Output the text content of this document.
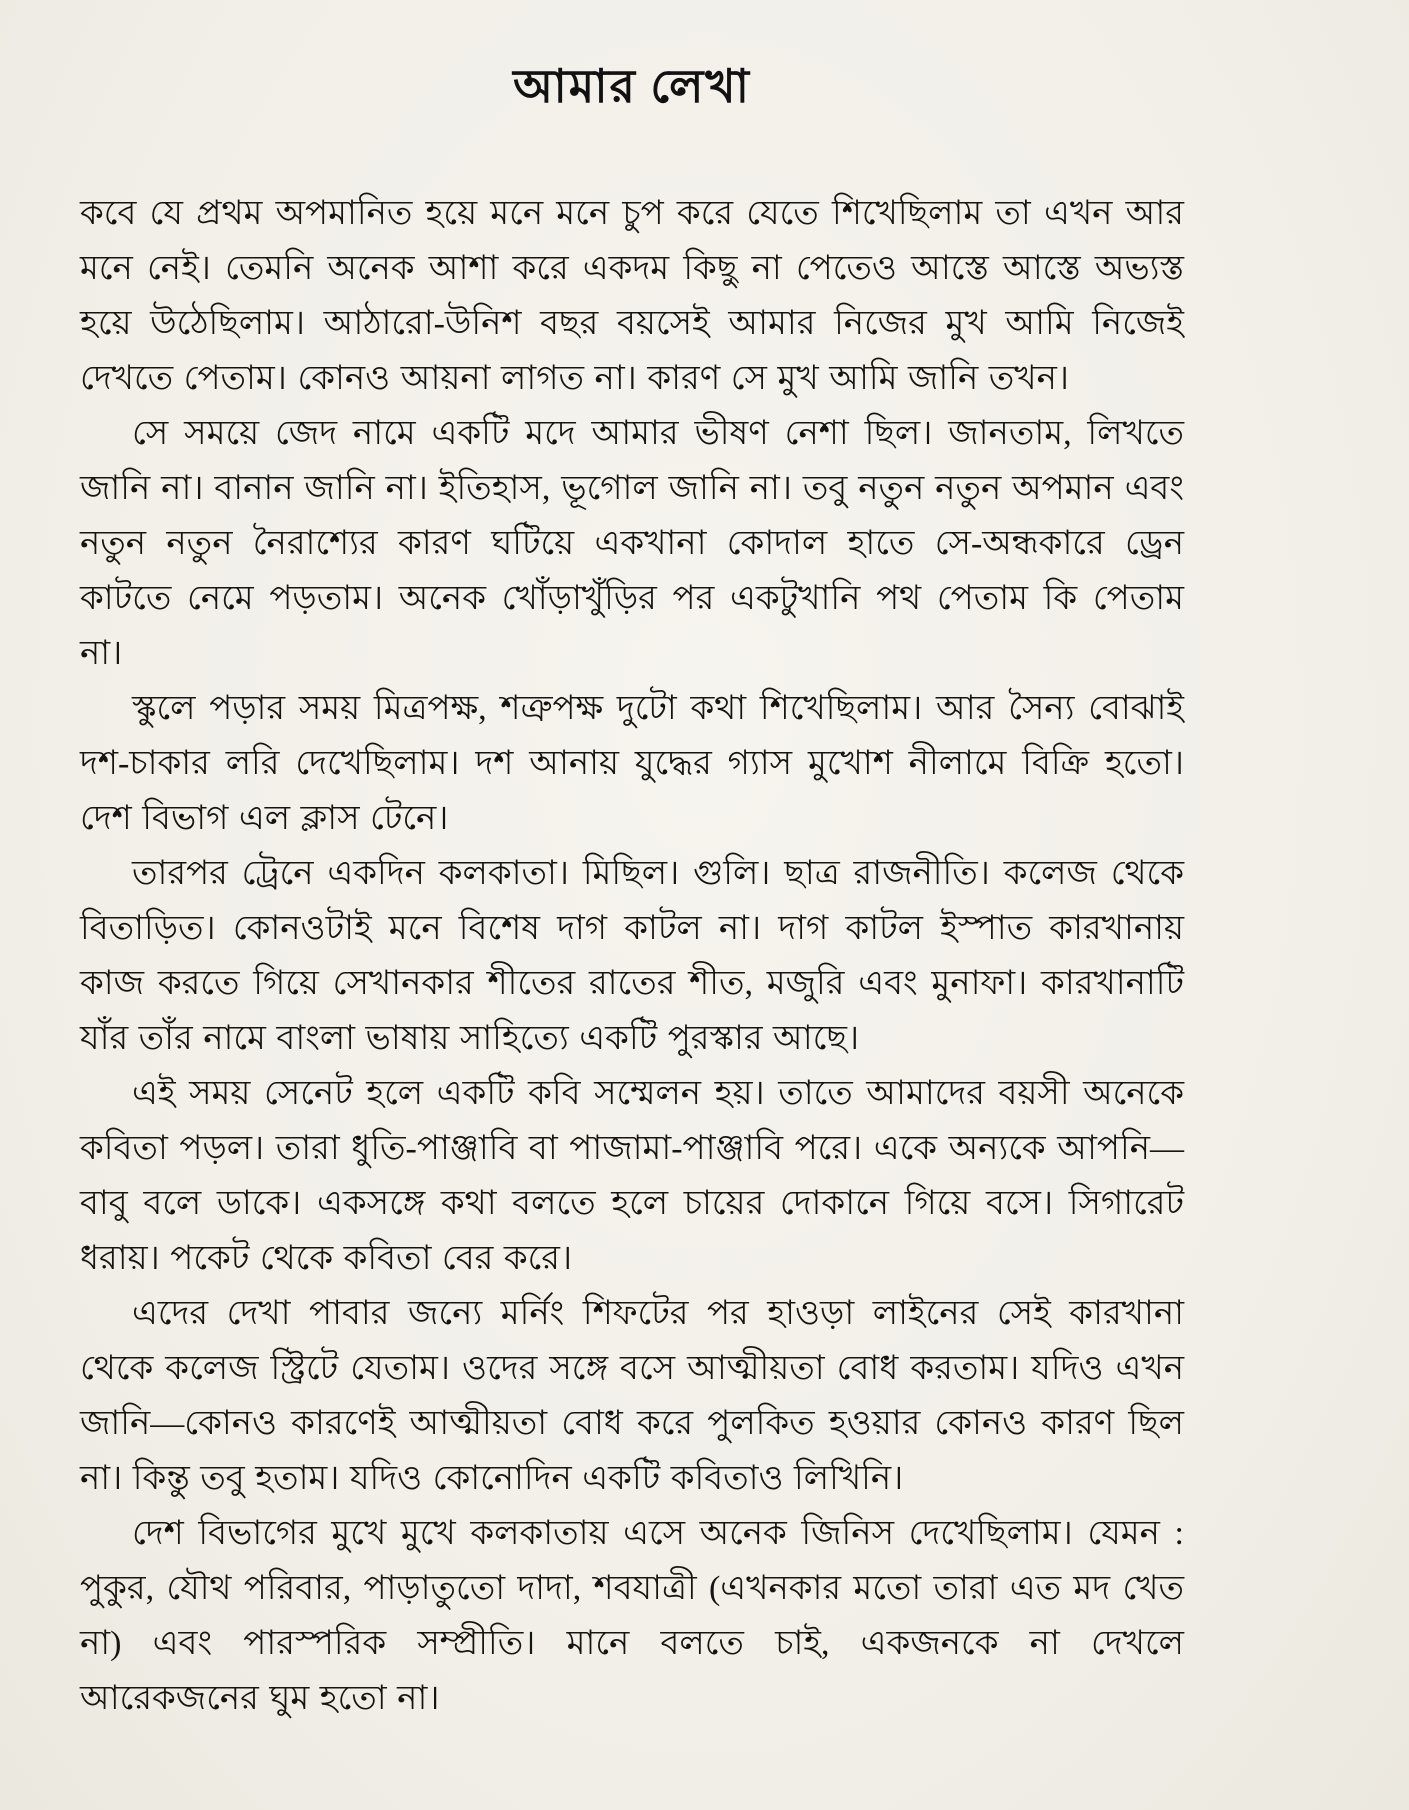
আমার লেখা

কবে যে প্রথম অপমানিত হয়ে মনে মনে চুপ করে যেতে শিখেছিলাম তা এখন আর মনে নেই। তেমনি অনেক আশা করে একদম কিছু না পেতেও আস্তে আস্তে অভ্যস্ত হয়ে উঠেছিলাম। আঠারো-উনিশ বছর বয়সেই আমার নিজের মুখ আমি নিজেই দেখতে পেতাম। কোনও আয়না লাগত না। কারণ সে মুখ আমি জানি তখন।

সে সময়ে জেদ নামে একটি মদে আমার ভীষণ নেশা ছিল। জানতাম, লিখতে জানি না। বানান জানি না। ইতিহাস, ভূগোল জানি না। তবু নতুন নতুন অপমান এবং নতুন নতুন নৈরাশ্যের কারণ ঘটিয়ে একখানা কোদাল হাতে সে-অন্ধকারে ড্রেন কাটতে নেমে পড়তাম। অনেক খোঁড়াখুঁড়ির পর একটুখানি পথ পেতাম কি পেতাম না।

স্কুলে পড়ার সময় মিত্রপক্ষ, শত্রুপক্ষ দুটো কথা শিখেছিলাম। আর সৈন্য বোঝাই দশ-চাকার লরি দেখেছিলাম। দশ আনায় যুদ্ধের গ্যাস মুখোশ নীলামে বিক্রি হতো। দেশ বিভাগ এল ক্লাস টেনে।

তারপর ট্রেনে একদিন কলকাতা। মিছিল। গুলি। ছাত্র রাজনীতি। কলেজ থেকে বিতাড়িত। কোনওটাই মনে বিশেষ দাগ কাটল না। দাগ কাটল ইস্পাত কারখানায় কাজ করতে গিয়ে সেখানকার শীতের রাতের শীত, মজুরি এবং মুনাফা। কারখানাটি যাঁর তাঁর নামে বাংলা ভাষায় সাহিত্যে একটি পুরস্কার আছে।

এই সময় সেনেট হলে একটি কবি সম্মেলন হয়। তাতে আমাদের বয়সী অনেকে কবিতা পড়ল। তারা ধুতি-পাঞ্জাবি বা পাজামা-পাঞ্জাবি পরে। একে অন্যকে আপনি—বাবু বলে ডাকে। একসঙ্গে কথা বলতে হলে চায়ের দোকানে গিয়ে বসে। সিগারেট ধরায়। পকেট থেকে কবিতা বের করে।

এদের দেখা পাবার জন্যে মর্নিং শিফটের পর হাওড়া লাইনের সেই কারখানা থেকে কলেজ স্ট্রিটে যেতাম। ওদের সঙ্গে বসে আত্মীয়তা বোধ করতাম। যদিও এখন জানি—কোনও কারণেই আত্মীয়তা বোধ করে পুলকিত হওয়ার কোনও কারণ ছিল না। কিন্তু তবু হতাম। যদিও কোনোদিন একটি কবিতাও লিখিনি।

দেশ বিভাগের মুখে মুখে কলকাতায় এসে অনেক জিনিস দেখেছিলাম। যেমন : পুকুর, যৌথ পরিবার, পাড়াতুতো দাদা, শবযাত্রী (এখনকার মতো তারা এত মদ খেত না) এবং পারস্পরিক সম্প্রীতি। মানে বলতে চাই, একজনকে না দেখলে আরেকজনের ঘুম হতো না।
